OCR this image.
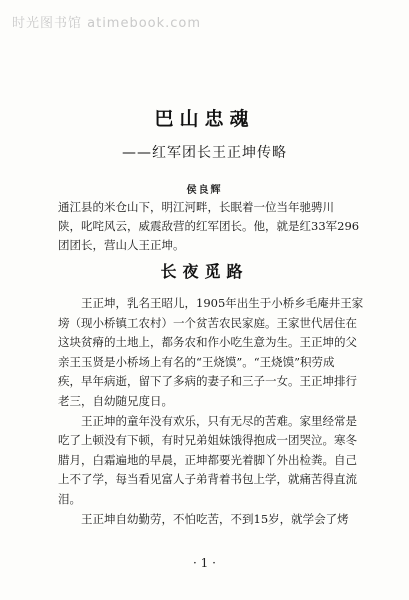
时光图书馆 atimebook.com
巴山忠魂
——红军团长王正坤传略
侯良辉
通江县的米仓山下，明江河畔，长眠着一位当年驰骋川
陕，叱咤风云，威震敌营的红军团长。他，就是红33军296
团团长，营山人王正坤。
长夜觅路
王正坤，乳名王昭儿，1905年出生于小桥乡毛庵井王家
塝（现小桥镇工农村）一个贫苦农民家庭。王家世代居住在
这块贫瘠的土地上，都务农和作小吃生意为生。王正坤的父
亲王玉贤是小桥场上有名的“王烧馍”。“王烧馍”积劳成
疾，早年病逝，留下了多病的妻子和三子一女。王正坤排行
老三，自幼随兄度日。
王正坤的童年没有欢乐，只有无尽的苦难。家里经常是
吃了上顿没有下顿，有时兄弟姐妹饿得抱成一团哭泣。寒冬
腊月，白霜遍地的早晨，正坤都要光着脚丫外出检粪。自己
上不了学，每当看见富人子弟背着书包上学，就痛苦得直流
泪。
王正坤自幼勤劳，不怕吃苦，不到15岁，就学会了烤
· 1 ·
